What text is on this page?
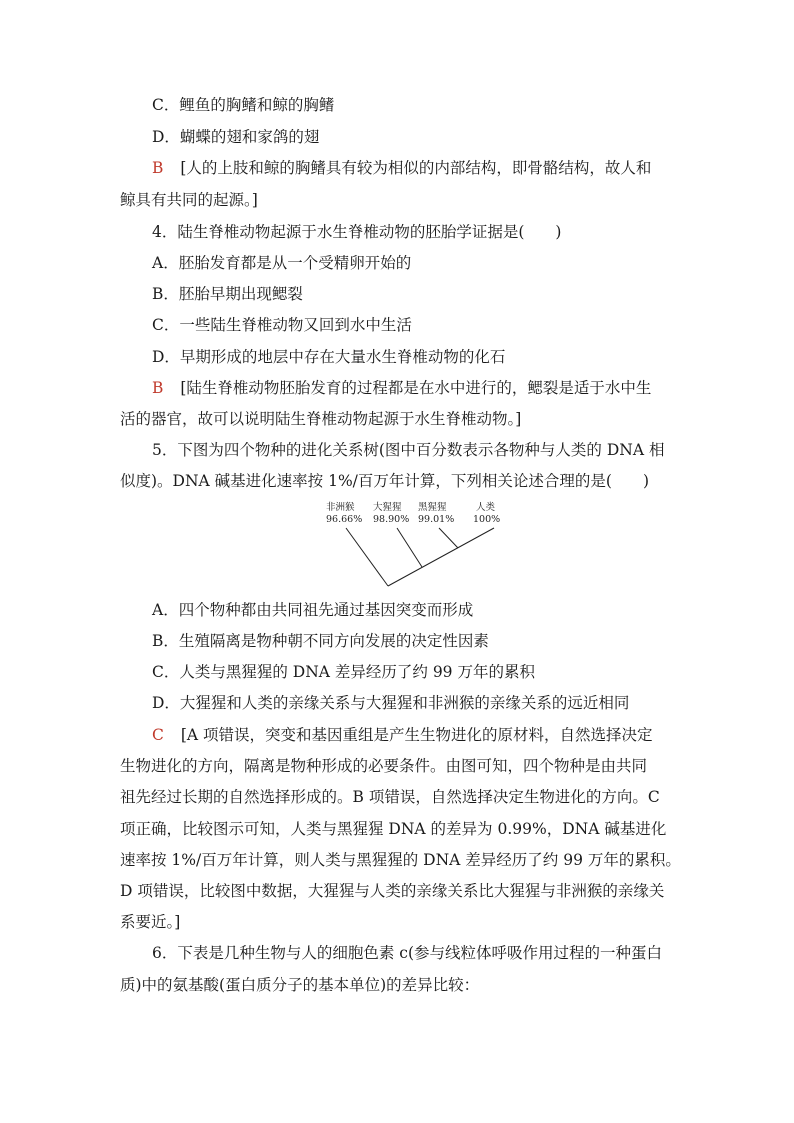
C．鲤鱼的胸鳍和鲸的胸鳍
D．蝴蝶的翅和家鸽的翅
B [人的上肢和鲸的胸鳍具有较为相似的内部结构，即骨骼结构，故人和
鲸具有共同的起源。]
4．陆生脊椎动物起源于水生脊椎动物的胚胎学证据是(　　)
A．胚胎发育都是从一个受精卵开始的
B．胚胎早期出现鳃裂
C．一些陆生脊椎动物又回到水中生活
D．早期形成的地层中存在大量水生脊椎动物的化石
B [陆生脊椎动物胚胎发育的过程都是在水中进行的，鳃裂是适于水中生
活的器官，故可以说明陆生脊椎动物起源于水生脊椎动物。]
5．下图为四个物种的进化关系树(图中百分数表示各物种与人类的 DNA 相
似度)。DNA 碱基进化速率按 1%/百万年计算，下列相关论述合理的是(　　)
非洲猴
96.66%
大猩猩
98.90%
黑猩猩
99.01%
人类
100%
A．四个物种都由共同祖先通过基因突变而形成
B．生殖隔离是物种朝不同方向发展的决定性因素
C．人类与黑猩猩的 DNA 差异经历了约 99 万年的累积
D．大猩猩和人类的亲缘关系与大猩猩和非洲猴的亲缘关系的远近相同
C [A 项错误，突变和基因重组是产生生物进化的原材料，自然选择决定
生物进化的方向，隔离是物种形成的必要条件。由图可知，四个物种是由共同
祖先经过长期的自然选择形成的。B 项错误，自然选择决定生物进化的方向。C
项正确，比较图示可知，人类与黑猩猩 DNA 的差异为 0.99%，DNA 碱基进化
速率按 1%/百万年计算，则人类与黑猩猩的 DNA 差异经历了约 99 万年的累积。
D 项错误，比较图中数据，大猩猩与人类的亲缘关系比大猩猩与非洲猴的亲缘关
系要近。]
6．下表是几种生物与人的细胞色素 c(参与线粒体呼吸作用过程的一种蛋白
质)中的氨基酸(蛋白质分子的基本单位)的差异比较：
